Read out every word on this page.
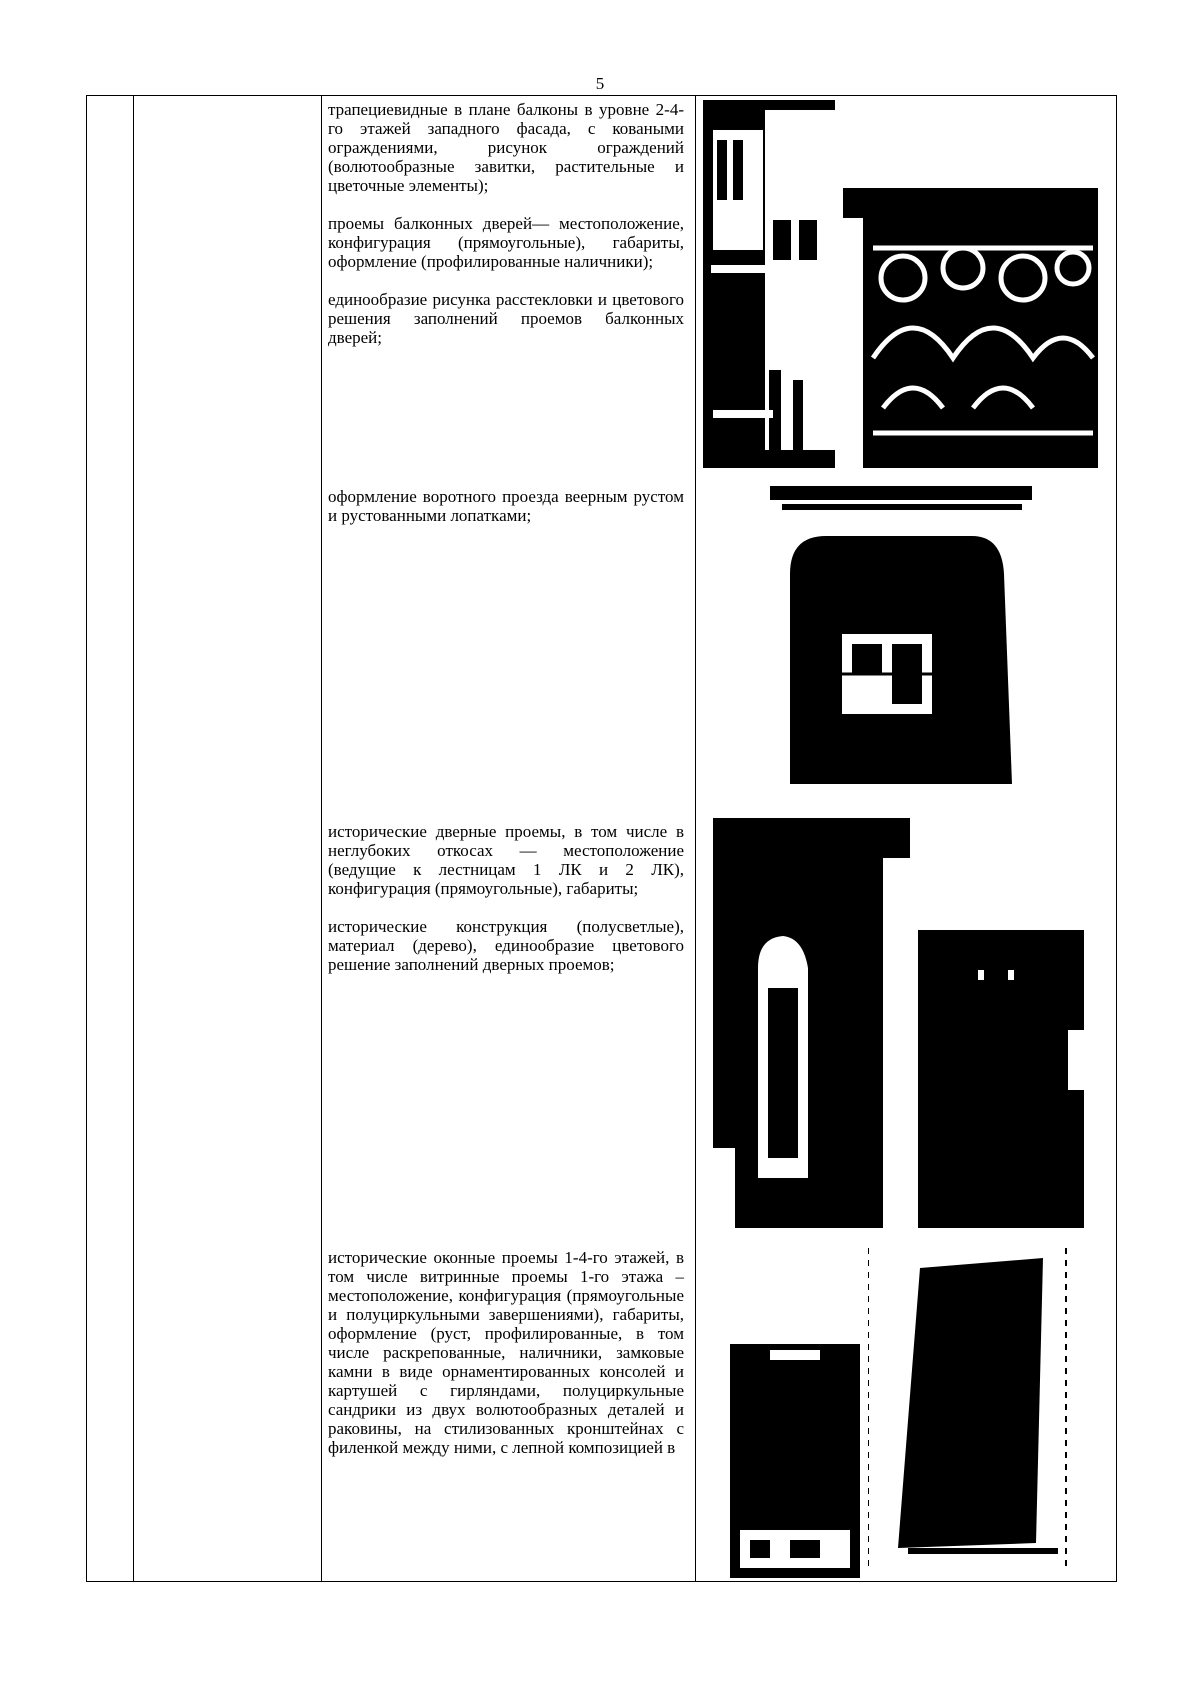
5

трапециевидные в плане балконы в уровне 2-4-го этажей западного фасада, с коваными ограждениями, рисунок ограждений (волютообразные завитки, растительные и цветочные элементы);

проемы балконных дверей— местоположение, конфигурация (прямоугольные), габариты, оформление (профилированные наличники);

единообразие рисунка расстекловки и цветового решения заполнений проемов балконных дверей;

оформление воротного проезда веерным рустом и рустованными лопатками;

исторические дверные проемы, в том числе в неглубоких откосах — местоположение (ведущие к лестницам 1 ЛК и 2 ЛК), конфигурация (прямоугольные), габариты;

исторические конструкция (полусветлые), материал (дерево), единообразие цветового решение заполнений дверных проемов;

исторические оконные проемы 1-4-го этажей, в том числе витринные проемы 1-го этажа – местоположение, конфигурация (прямоугольные и полуциркульными завершениями), габариты, оформление (руст, профилированные, в том числе раскрепованные, наличники, замковые камни в виде орнаментированных консолей и картушей с гирляндами, полуциркульные сандрики из двух волютообразных деталей и раковины, на стилизованных кронштейнах с филенкой между ними, с лепной композицией в
